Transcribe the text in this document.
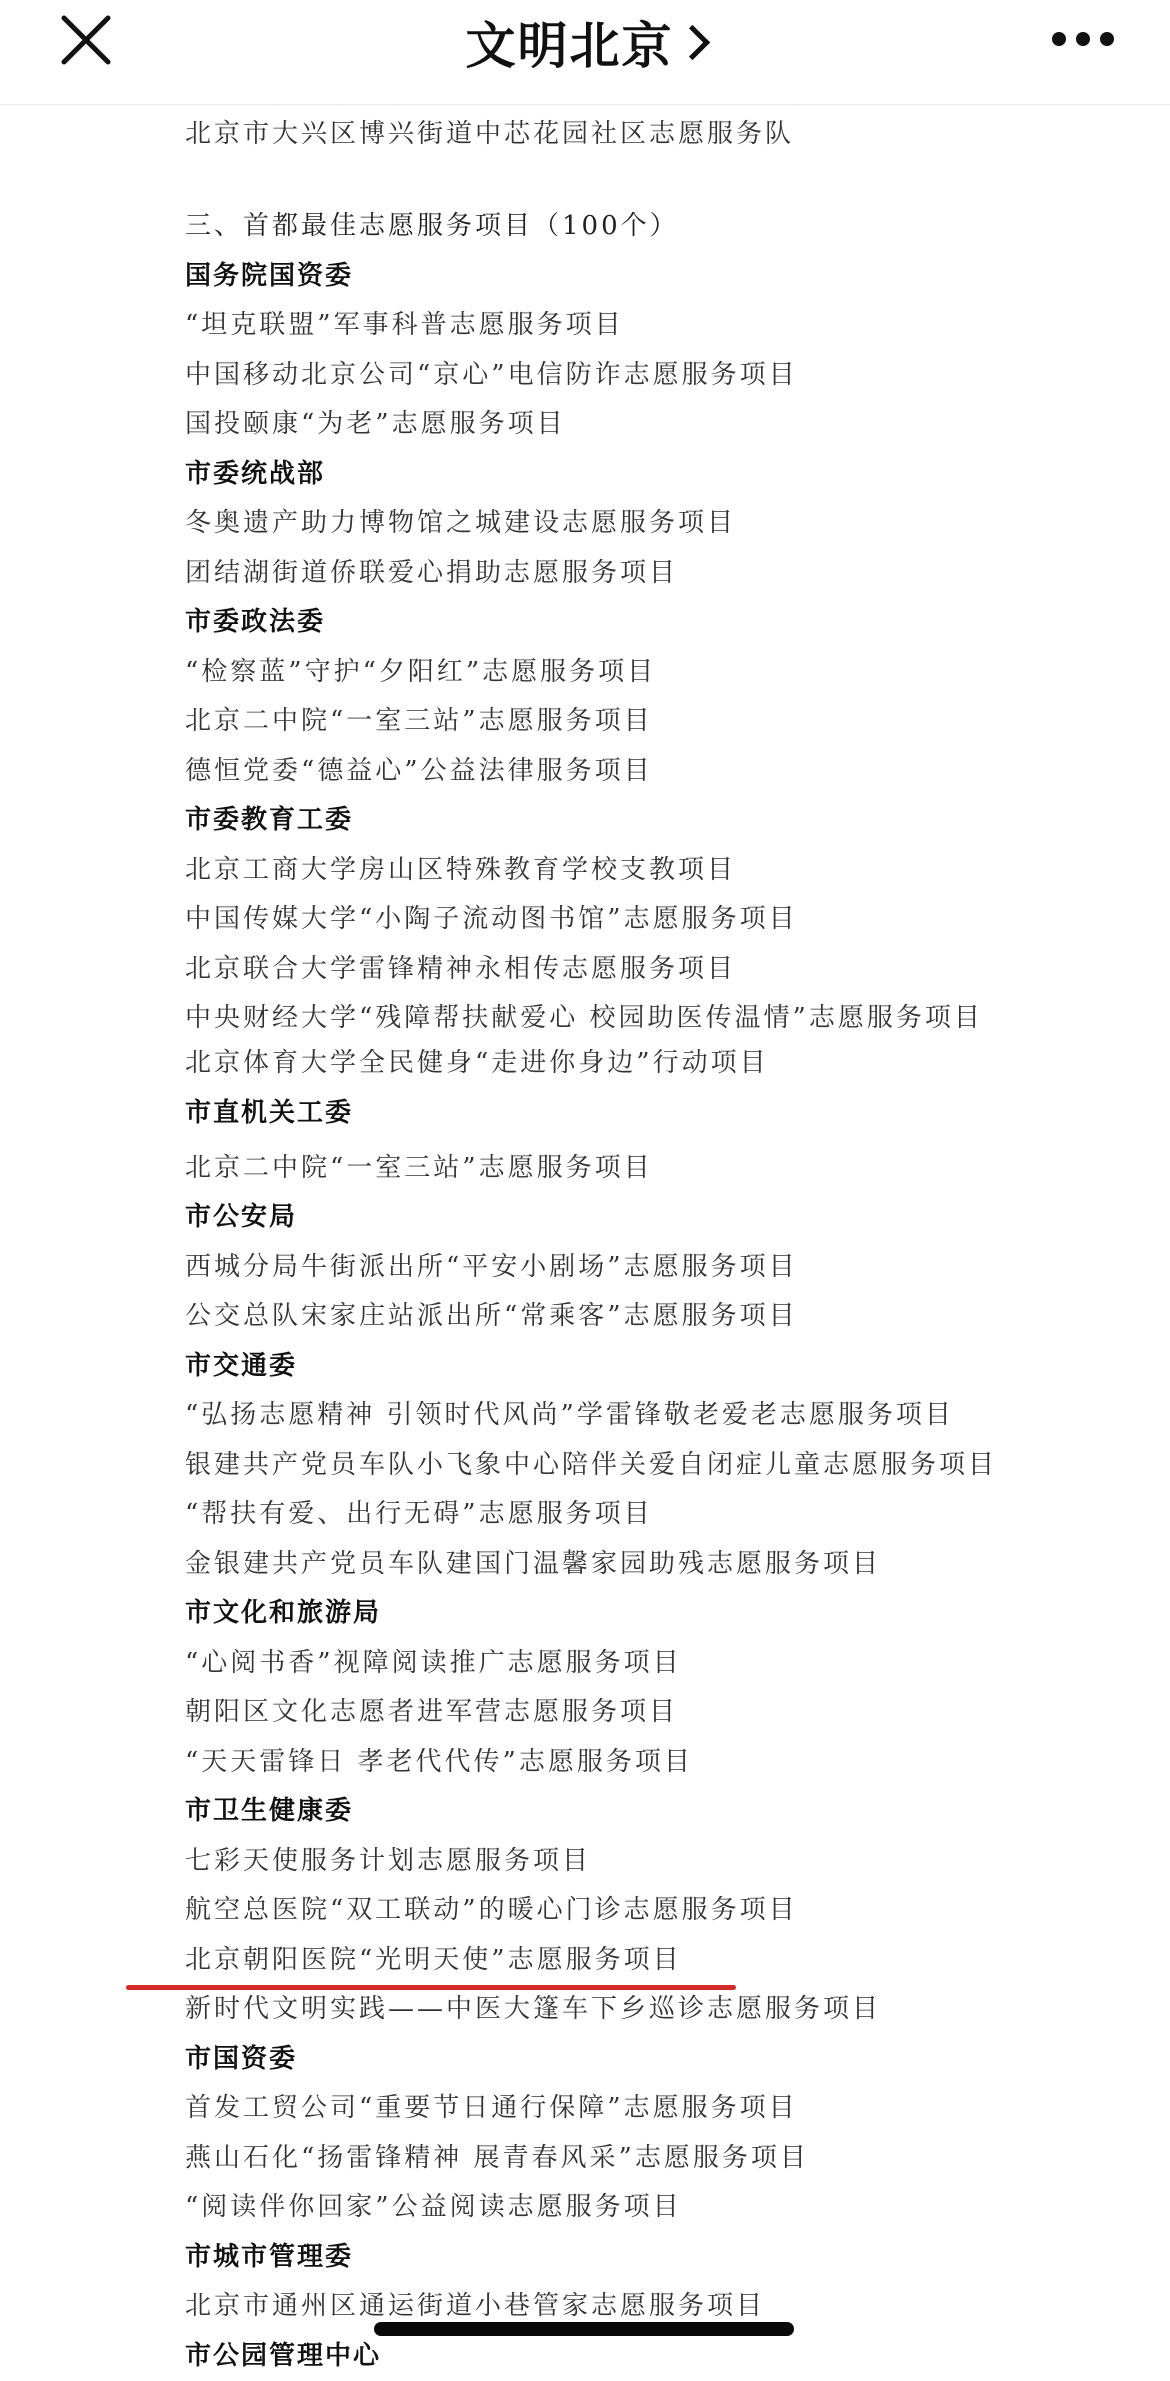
文明北京
北京市大兴区博兴街道中芯花园社区志愿服务队
三、首都最佳志愿服务项目（100个）
国务院国资委
“坦克联盟”军事科普志愿服务项目
中国移动北京公司“京心”电信防诈志愿服务项目
国投颐康“为老”志愿服务项目
市委统战部
冬奥遗产助力博物馆之城建设志愿服务项目
团结湖街道侨联爱心捐助志愿服务项目
市委政法委
“检察蓝”守护“夕阳红”志愿服务项目
北京二中院“一室三站”志愿服务项目
德恒党委“德益心”公益法律服务项目
市委教育工委
北京工商大学房山区特殊教育学校支教项目
中国传媒大学“小陶子流动图书馆”志愿服务项目
北京联合大学雷锋精神永相传志愿服务项目
中央财经大学“残障帮扶献爱心 校园助医传温情”志愿服务项目
北京体育大学全民健身“走进你身边”行动项目
市直机关工委
北京二中院“一室三站”志愿服务项目
市公安局
西城分局牛街派出所“平安小剧场”志愿服务项目
公交总队宋家庄站派出所“常乘客”志愿服务项目
市交通委
“弘扬志愿精神 引领时代风尚”学雷锋敬老爱老志愿服务项目
银建共产党员车队小飞象中心陪伴关爱自闭症儿童志愿服务项目
“帮扶有爱、出行无碍”志愿服务项目
金银建共产党员车队建国门温馨家园助残志愿服务项目
市文化和旅游局
“心阅书香”视障阅读推广志愿服务项目
朝阳区文化志愿者进军营志愿服务项目
“天天雷锋日 孝老代代传”志愿服务项目
市卫生健康委
七彩天使服务计划志愿服务项目
航空总医院“双工联动”的暖心门诊志愿服务项目
北京朝阳医院“光明天使”志愿服务项目
新时代文明实践——中医大篷车下乡巡诊志愿服务项目
市国资委
首发工贸公司“重要节日通行保障”志愿服务项目
燕山石化“扬雷锋精神 展青春风采”志愿服务项目
“阅读伴你回家”公益阅读志愿服务项目
市城市管理委
北京市通州区通运街道小巷管家志愿服务项目
市公园管理中心
